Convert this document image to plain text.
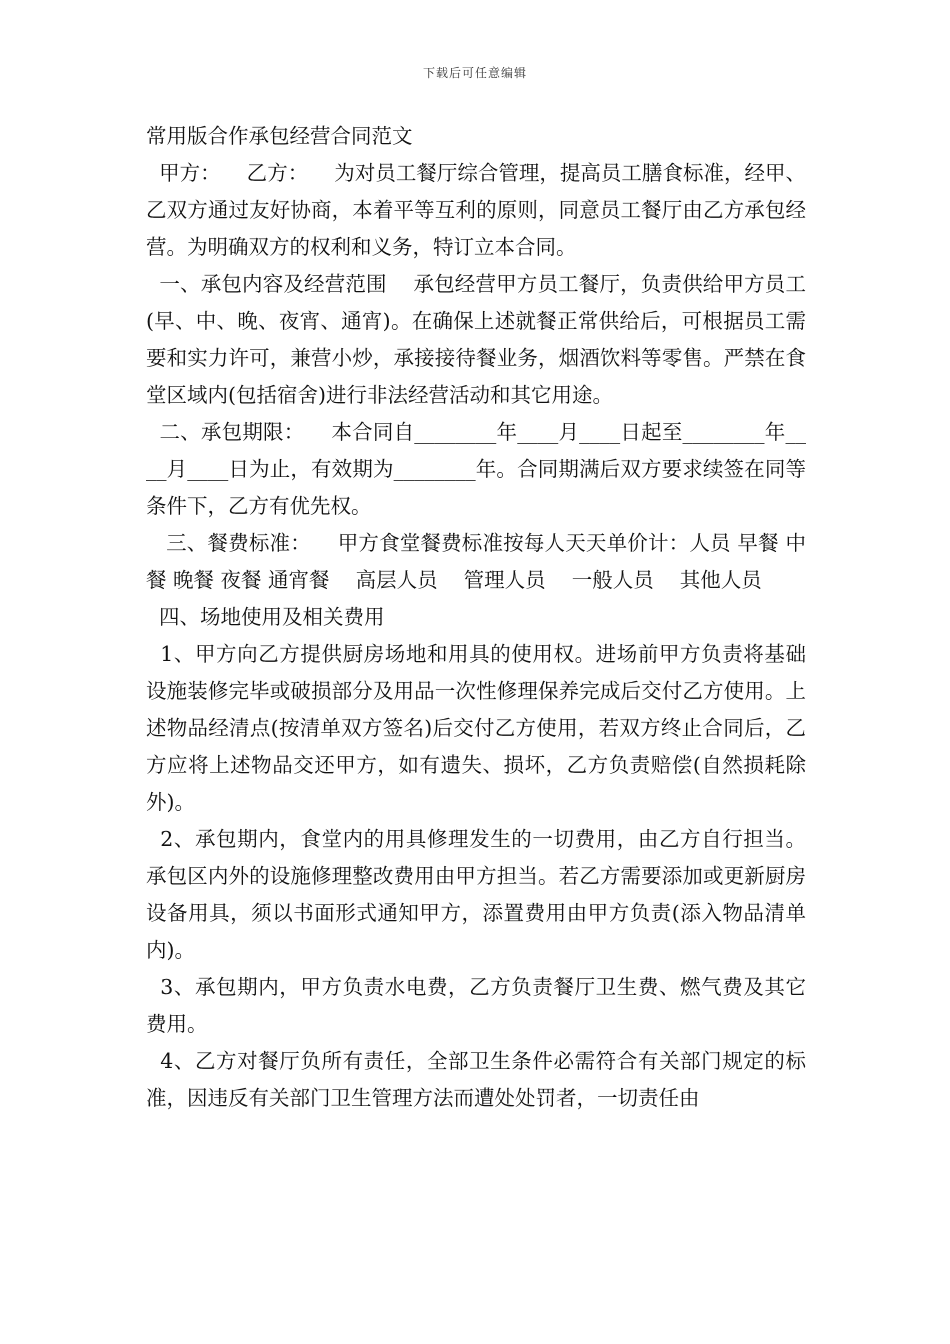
下载后可任意编辑

常用版合作承包经营合同范文

甲方：    乙方：    为对员工餐厅综合管理，提高员工膳食标准，经甲、乙双方通过友好协商，本着平等互利的原则，同意员工餐厅由乙方承包经营。为明确双方的权利和义务，特订立本合同。

一、承包内容及经营范围    承包经营甲方员工餐厅，负责供给甲方员工(早、中、晚、夜宵、通宵)。在确保上述就餐正常供给后，可根据员工需要和实力许可，兼营小炒，承接接待餐业务，烟酒饮料等零售。严禁在食堂区域内(包括宿舍)进行非法经营活动和其它用途。

二、承包期限：    本合同自________年____月____日起至________年____月____日为止，有效期为________年。合同期满后双方要求续签在同等条件下，乙方有优先权。

三、餐费标准：    甲方食堂餐费标准按每人天天单价计：人员 早餐 中餐 晚餐 夜餐 通宵餐    高层人员    管理人员    一般人员    其他人员

四、场地使用及相关费用

1、甲方向乙方提供厨房场地和用具的使用权。进场前甲方负责将基础设施装修完毕或破损部分及用品一次性修理保养完成后交付乙方使用。上述物品经清点(按清单双方签名)后交付乙方使用，若双方终止合同后，乙方应将上述物品交还甲方，如有遗失、损坏，乙方负责赔偿(自然损耗除外)。

2、承包期内，食堂内的用具修理发生的一切费用，由乙方自行担当。承包区内外的设施修理整改费用由甲方担当。若乙方需要添加或更新厨房设备用具，须以书面形式通知甲方，添置费用由甲方负责(添入物品清单内)。

3、承包期内，甲方负责水电费，乙方负责餐厅卫生费、燃气费及其它费用。

4、乙方对餐厅负所有责任，全部卫生条件必需符合有关部门规定的标准，因违反有关部门卫生管理方法而遭处处罚者，一切责任由
